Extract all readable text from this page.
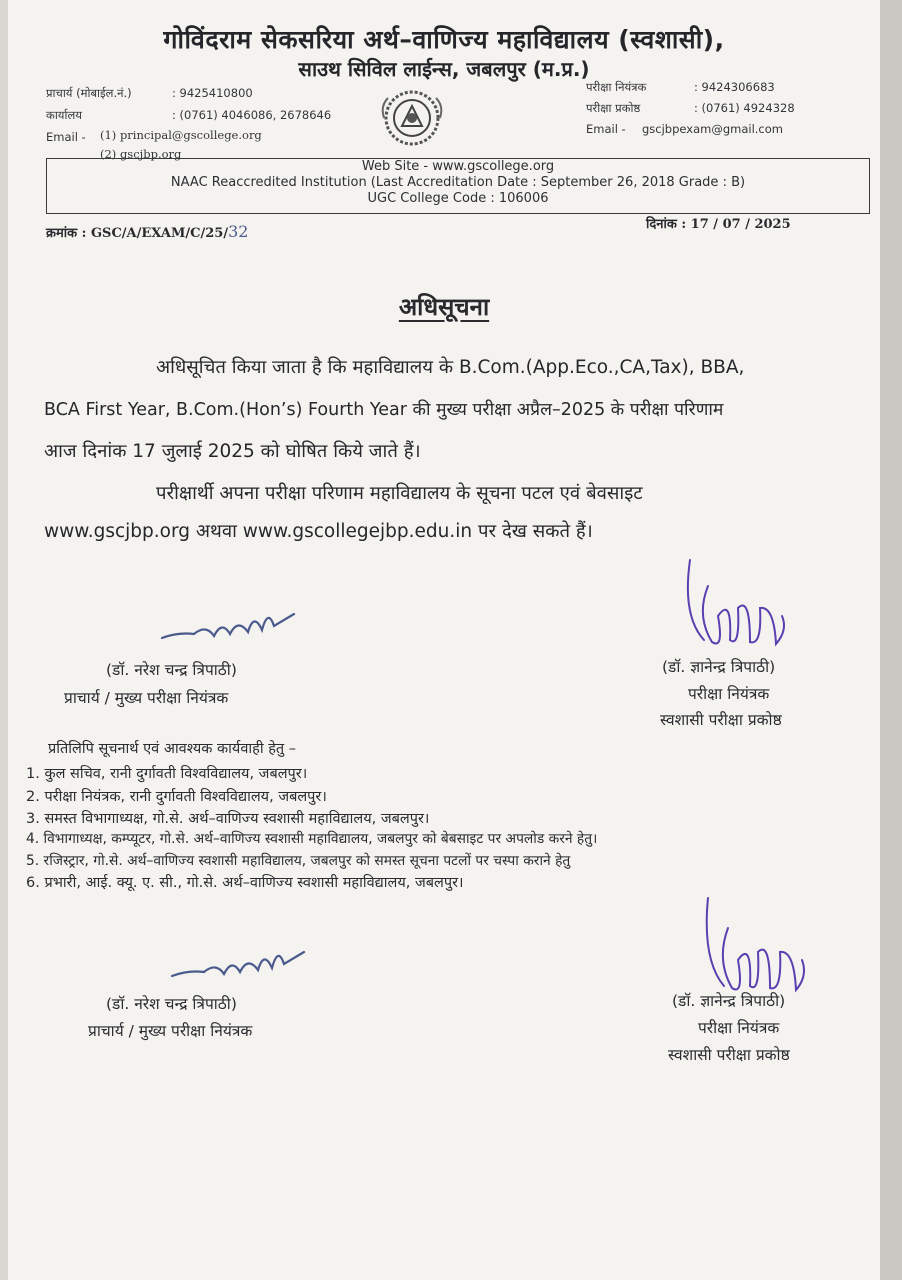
गोविंदराम सेकसरिया अर्थ–वाणिज्य महाविद्यालय (स्वशासी),
साउथ सिविल लाईन्स, जबलपुर (म.प्र.)
प्राचार्य (मोबाईल.नं.)	: 9425410800
कार्यालय	: (0761) 4046086, 2678646
Email - (1) principal@gscollege.org
(2) gscjbp.org
परीक्षा नियंत्रक	: 9424306683
परीक्षा प्रकोष्ठ	: (0761) 4924328
Email - gscjbpexam@gmail.com
Web Site - www.gscollege.org
NAAC Reaccredited Institution (Last Accreditation Date : September 26, 2018 Grade : B)
UGC College Code : 106006
क्रमांक : GSC/A/EXAM/C/25/32	दिनांक : 17 / 07 / 2025
अधिसूचना
अधिसूचित किया जाता है कि महाविद्यालय के B.Com.(App.Eco.,CA,Tax), BBA,
BCA First Year, B.Com.(Hon’s) Fourth Year की मुख्य परीक्षा अप्रैल–2025 के परीक्षा परिणाम
आज दिनांक 17 जुलाई 2025 को घोषित किये जाते हैं।
परीक्षार्थी अपना परीक्षा परिणाम महाविद्यालय के सूचना पटल एवं बेवसाइट
www.gscjbp.org अथवा www.gscollegejbp.edu.in पर देख सकते हैं।
(डॉ. नरेश चन्द्र त्रिपाठी)
प्राचार्य / मुख्य परीक्षा नियंत्रक
(डॉ. ज्ञानेन्द्र त्रिपाठी)
परीक्षा नियंत्रक
स्वशासी परीक्षा प्रकोष्ठ
प्रतिलिपि सूचनार्थ एवं आवश्यक कार्यवाही हेतु –
1. कुल सचिव, रानी दुर्गावती विश्वविद्यालय, जबलपुर।
2. परीक्षा नियंत्रक, रानी दुर्गावती विश्वविद्यालय, जबलपुर।
3. समस्त विभागाध्यक्ष, गो.से. अर्थ–वाणिज्य स्वशासी महाविद्यालय, जबलपुर।
4. विभागाध्यक्ष, कम्प्यूटर, गो.से. अर्थ–वाणिज्य स्वशासी महाविद्यालय, जबलपुर को बेबसाइट पर अपलोड करने हेतु।
5. रजिस्ट्रार, गो.से. अर्थ–वाणिज्य स्वशासी महाविद्यालय, जबलपुर को समस्त सूचना पटलों पर चस्पा कराने हेतु
6. प्रभारी, आई. क्यू. ए. सी., गो.से. अर्थ–वाणिज्य स्वशासी महाविद्यालय, जबलपुर।
(डॉ. नरेश चन्द्र त्रिपाठी)
प्राचार्य / मुख्य परीक्षा नियंत्रक
(डॉ. ज्ञानेन्द्र त्रिपाठी)
परीक्षा नियंत्रक
स्वशासी परीक्षा प्रकोष्ठ
